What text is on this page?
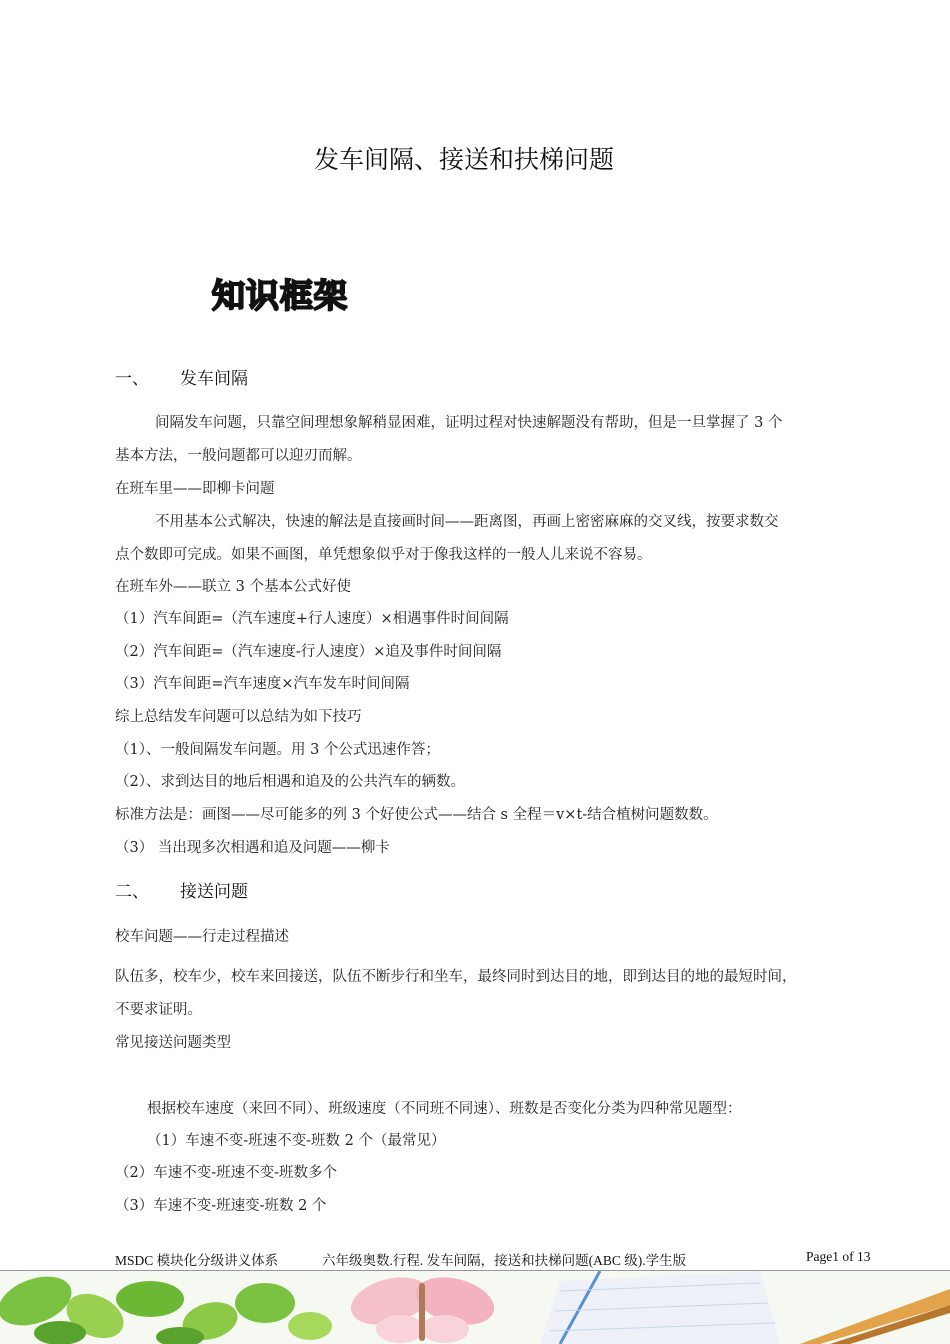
发车间隔、接送和扶梯问题
知识框架
一、 发车间隔
间隔发车问题，只靠空间理想象解稍显困难，证明过程对快速解题没有帮助，但是一旦掌握了 3 个
基本方法，一般问题都可以迎刃而解。
在班车里——即柳卡问题
不用基本公式解决，快速的解法是直接画时间——距离图，再画上密密麻麻的交叉线，按要求数交
点个数即可完成。如果不画图，单凭想象似乎对于像我这样的一般人儿来说不容易。
在班车外——联立 3 个基本公式好使
（1）汽车间距=（汽车速度+行人速度）×相遇事件时间间隔
（2）汽车间距=（汽车速度-行人速度）×追及事件时间间隔
（3）汽车间距=汽车速度×汽车发车时间间隔
综上总结发车问题可以总结为如下技巧
（1）、一般间隔发车问题。用 3 个公式迅速作答；
（2）、求到达目的地后相遇和追及的公共汽车的辆数。
标准方法是：画图——尽可能多的列 3 个好使公式——结合 s 全程＝v×t-结合植树问题数数。
（3） 当出现多次相遇和追及问题——柳卡
二、 接送问题
校车问题——行走过程描述
队伍多，校车少，校车来回接送，队伍不断步行和坐车，最终同时到达目的地，即到达目的地的最短时间，
不要求证明。
常见接送问题类型
根据校车速度（来回不同）、班级速度（不同班不同速）、班数是否变化分类为四种常见题型：
（1）车速不变-班速不变-班数 2 个（最常见）
（2）车速不变-班速不变-班数多个
（3）车速不变-班速变-班数 2 个
MSDC 模块化分级讲义体系	六年级奥数.行程. 发车间隔，接送和扶梯问题(ABC 级).学生版	Page1 of 13
